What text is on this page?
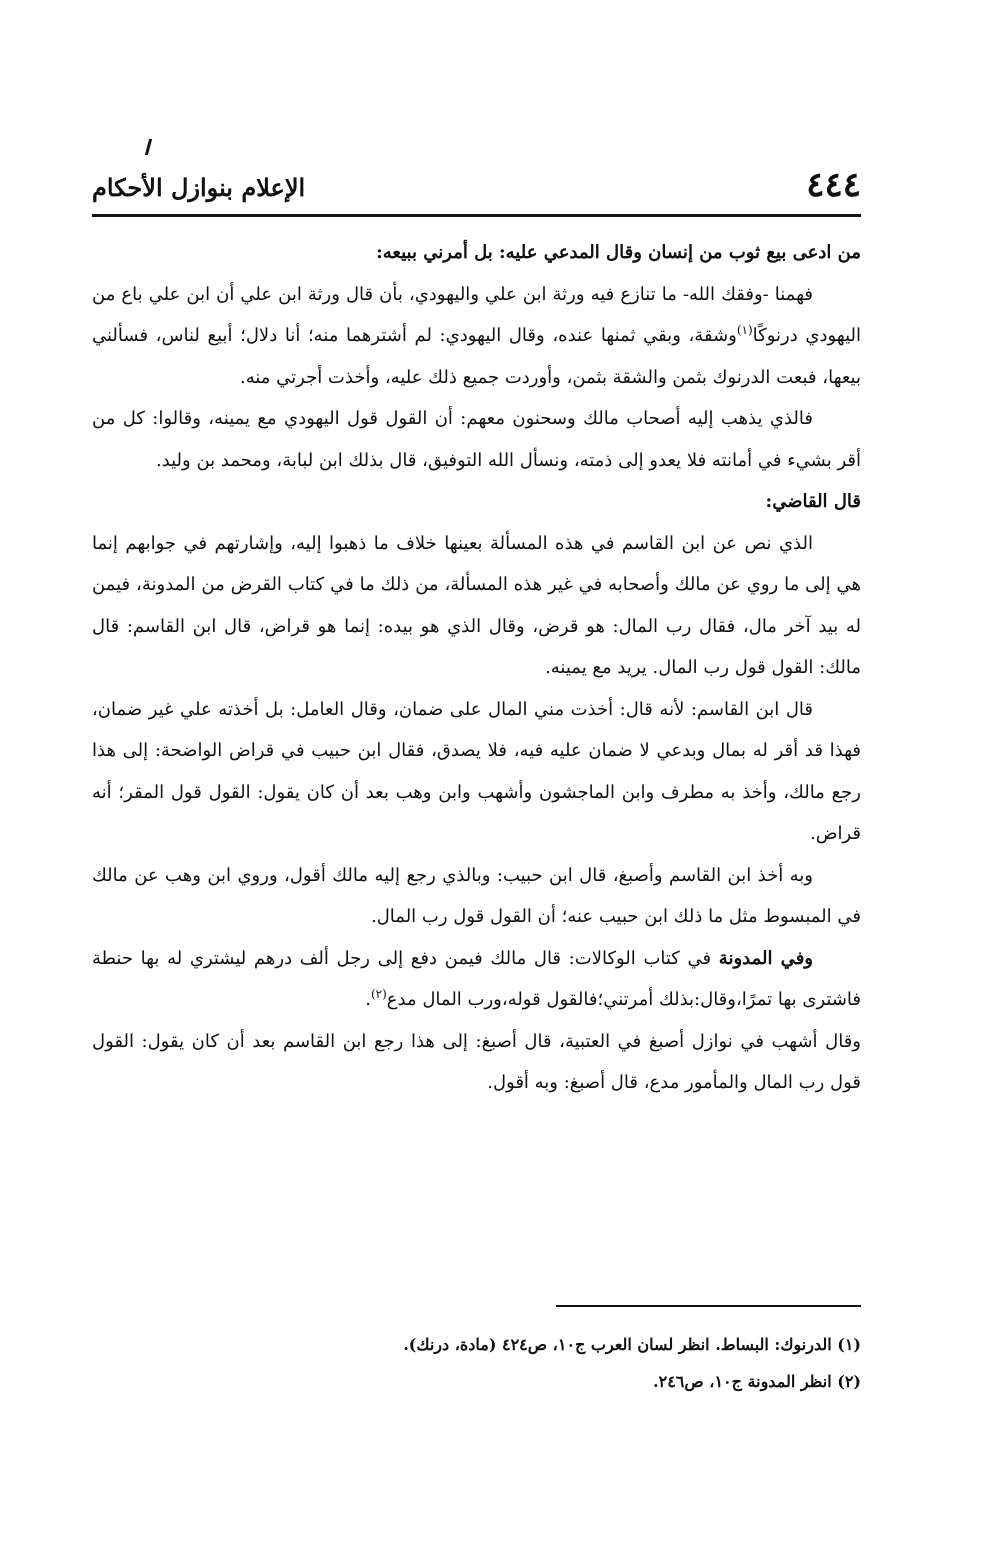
٤٤٤
الإعلام بنوازل الأحكام

من ادعى بيع ثوب من إنسان وقال المدعي عليه: بل أمرني ببيعه:

فهمنا -وفقك الله- ما تنازع فيه ورثة ابن علي واليهودي، بأن قال ورثة ابن علي أن ابن علي باع من اليهودي درنوكًا$^{(١)}$وشقة، وبقي ثمنها عنده، وقال اليهودي: لم أشترهما منه؛ أنا دلال؛ أبيع لناس، فسألني بيعها، فبعت الدرنوك بثمن والشقة بثمن، وأوردت جميع ذلك عليه، وأخذت أجرتي منه.

فالذي يذهب إليه أصحاب مالك وسحنون معهم: أن القول قول اليهودي مع يمينه، وقالوا: كل من أقر بشيء في أمانته فلا يعدو إلى ذمته، ونسأل الله التوفيق، قال بذلك ابن لبابة، ومحمد بن وليد.

قال القاضي:

الذي نص عن ابن القاسم في هذه المسألة بعينها خلاف ما ذهبوا إليه، وإشارتهم في جوابهم إنما هي إلى ما روي عن مالك وأصحابه في غير هذه المسألة، من ذلك ما في كتاب القرض من المدونة، فيمن له بيد آخر مال، فقال رب المال: هو قرض، وقال الذي هو بيده: إنما هو قراض، قال ابن القاسم: قال مالك: القول قول رب المال. يريد مع يمينه.

قال ابن القاسم: لأنه قال: أخذت مني المال على ضمان، وقال العامل: بل أخذته علي غير ضمان، فهذا قد أقر له بمال وبدعي لا ضمان عليه فيه، فلا يصدق، فقال ابن حبيب في قراض الواضحة: إلى هذا رجع مالك، وأخذ به مطرف وابن الماجشون وأشهب وابن وهب بعد أن كان يقول: القول قول المقر؛ أنه قراض.

وبه أخذ ابن القاسم وأصبغ، قال ابن حبيب: وبالذي رجع إليه مالك أقول، وروي ابن وهب عن مالك في المبسوط مثل ما ذلك ابن حبيب عنه؛ أن القول قول رب المال.

وفي المدونة في كتاب الوكالات: قال مالك فيمن دفع إلى رجل ألف درهم ليشتري له بها حنطة فاشترى بها تمرًا،وقال:بذلك أمرتني؛فالقول قوله،ورب المال مدع$^{(٢)}$.

وقال أشهب في نوازل أصبغ في العتبية، قال أصبغ: إلى هذا رجع ابن القاسم بعد أن كان يقول: القول قول رب المال والمأمور مدع، قال أصبغ: وبه أقول.

(١) الدرنوك: البساط. انظر لسان العرب ج١٠، ص٤٢٤ (مادة، درنك).

(٢) انظر المدونة ج١٠، ص٢٤٦.
